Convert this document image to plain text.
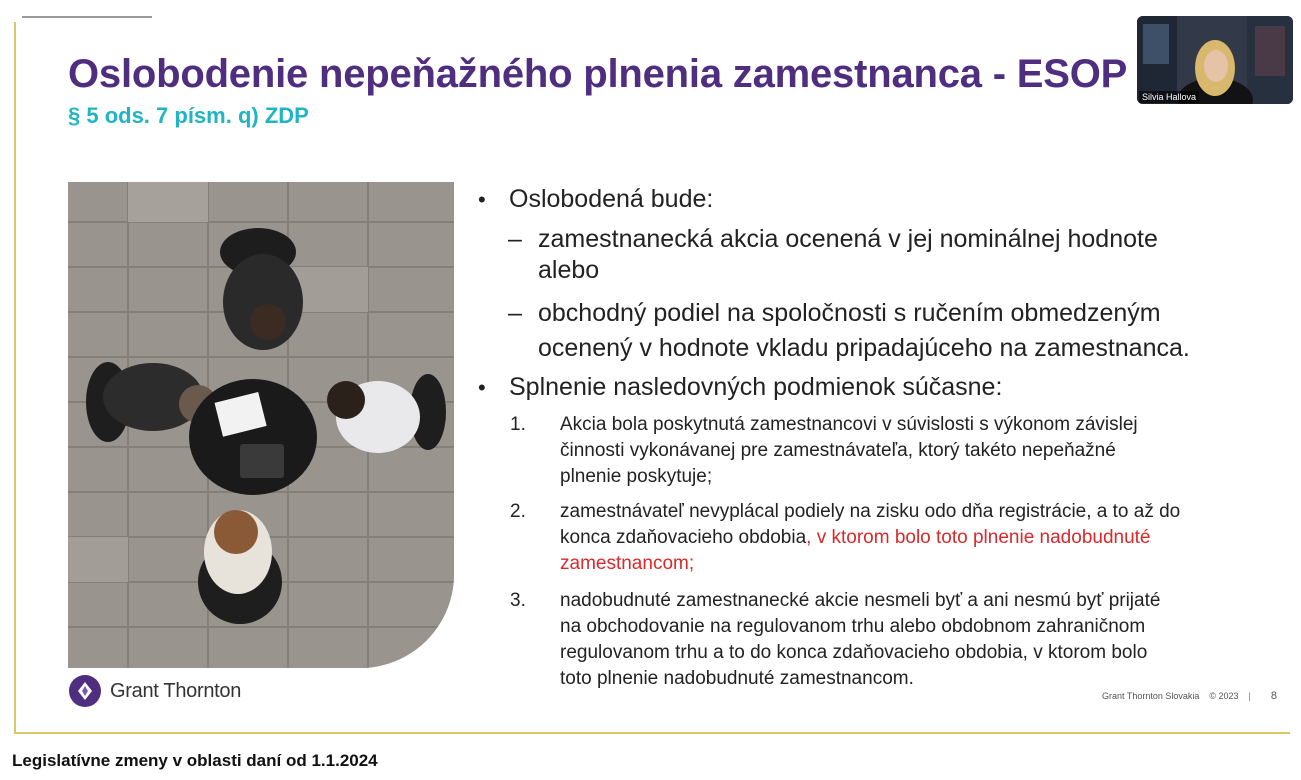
Oslobodenie nepeňažného plnenia zamestnanca - ESOP
§ 5 ods. 7 písm. q) ZDP
• Oslobodená bude:
– zamestnanecká akcia ocenená v jej nominálnej hodnote
alebo
– obchodný podiel na spoločnosti s ručením obmedzeným
ocenený v hodnote vkladu pripadajúceho na zamestnanca.
• Splnenie nasledovných podmienok súčasne:
1. Akcia bola poskytnutá zamestnancovi v súvislosti s výkonom závislej
činnosti vykonávanej pre zamestnávateľa, ktorý takéto nepeňažné
plnenie poskytuje;
2. zamestnávateľ nevyplácal podiely na zisku odo dňa registrácie, a to až do
konca zdaňovacieho obdobia, v ktorom bolo toto plnenie nadobudnuté
zamestnancom;
3. nadobudnuté zamestnanecké akcie nesmeli byť a ani nesmú byť prijaté
na obchodovanie na regulovanom trhu alebo obdobnom zahraničnom
regulovanom trhu a to do konca zdaňovacieho obdobia, v ktorom bolo
toto plnenie nadobudnuté zamestnancom.
Grant Thornton	Grant Thornton Slovakia © 2023 | 8
Silvia Hallova
Legislatívne zmeny v oblasti daní od 1.1.2024
